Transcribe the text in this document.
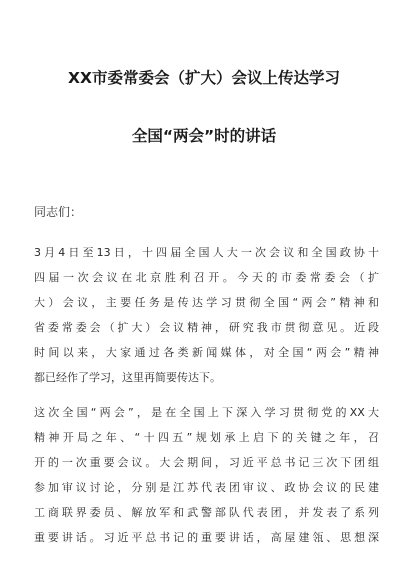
XX市委常委会（扩大）会议上传达学习
全国“两会”时的讲话
同志们：
3月4日至13日，十四届全国人大一次会议和全国政协十
四届一次会议在北京胜利召开。今天的市委常委会（扩
大）会议，主要任务是传达学习贯彻全国“两会”精神和
省委常委会（扩大）会议精神，研究我市贯彻意见。近段
时间以来，大家通过各类新闻媒体，对全国“两会”精神
都已经作了学习，这里再简要传达下。
这次全国“两会”，是在全国上下深入学习贯彻党的XX大
精神开局之年、“十四五”规划承上启下的关键之年，召
开的一次重要会议。大会期间，习近平总书记三次下团组
参加审议讨论，分别是江苏代表团审议、政协会议的民建
工商联界委员、解放军和武警部队代表团，并发表了系列
重要讲话。习近平总书记的重要讲话，高屋建瓴、思想深
